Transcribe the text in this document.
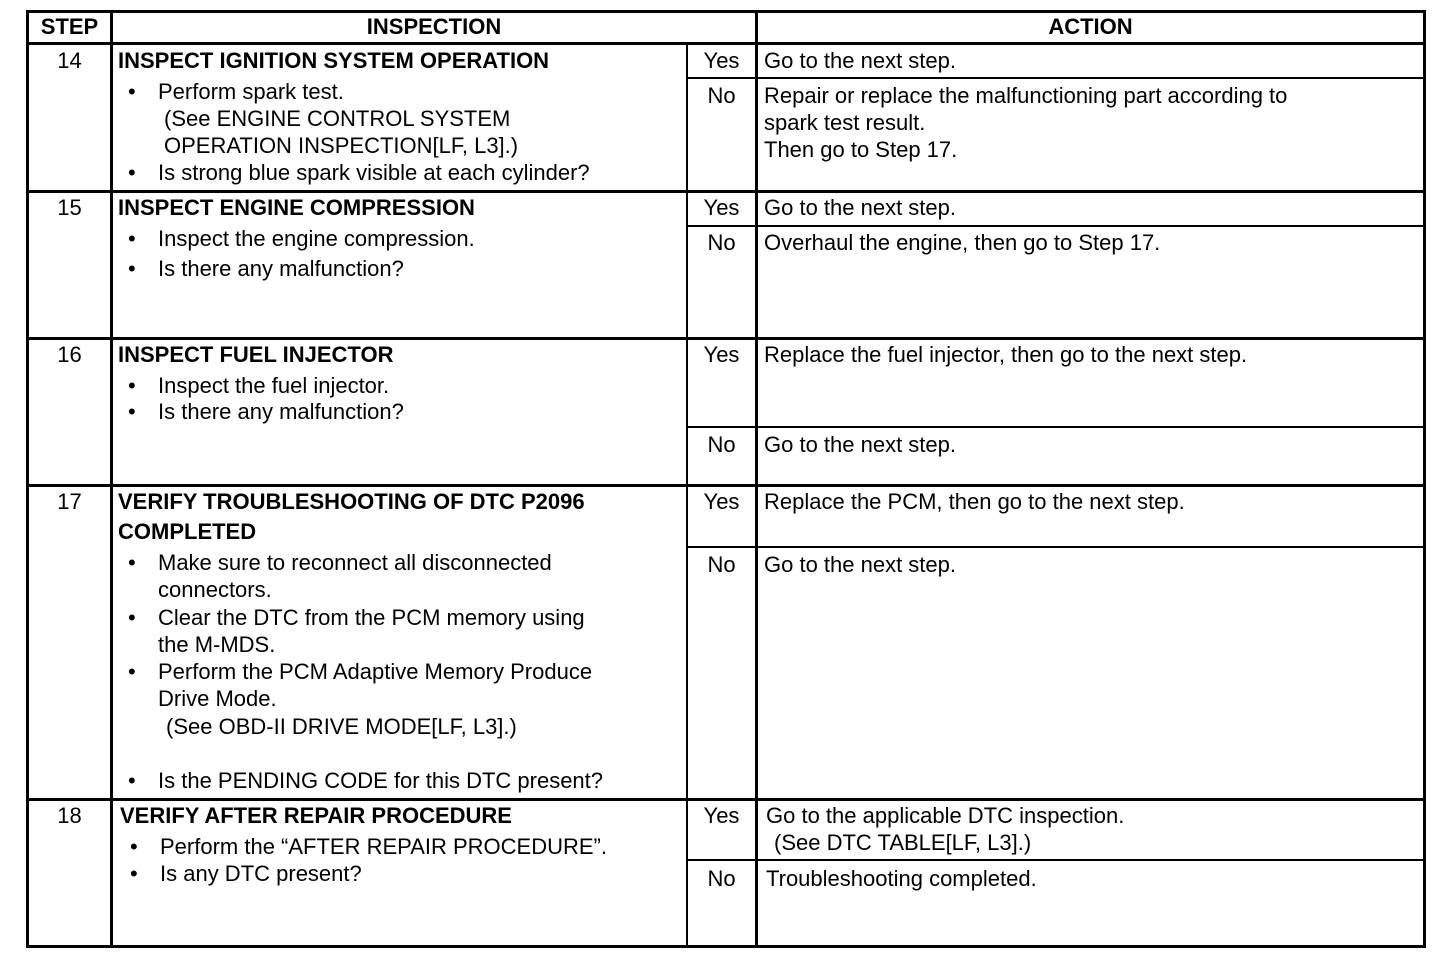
STEP	INSPECTION	ACTION
14	INSPECT IGNITION SYSTEM OPERATION
• Perform spark test.
(See ENGINE CONTROL SYSTEM
OPERATION INSPECTION[LF, L3].)
• Is strong blue spark visible at each cylinder?
Yes	Go to the next step.
No	Repair or replace the malfunctioning part according to
spark test result.
Then go to Step 17.
15	INSPECT ENGINE COMPRESSION
• Inspect the engine compression.
• Is there any malfunction?
Yes	Go to the next step.
No	Overhaul the engine, then go to Step 17.
16	INSPECT FUEL INJECTOR
• Inspect the fuel injector.
• Is there any malfunction?
Yes	Replace the fuel injector, then go to the next step.
No	Go to the next step.
17	VERIFY TROUBLESHOOTING OF DTC P2096
COMPLETED
• Make sure to reconnect all disconnected
connectors.
• Clear the DTC from the PCM memory using
the M-MDS.
• Perform the PCM Adaptive Memory Produce
Drive Mode.
(See OBD-II DRIVE MODE[LF, L3].)
• Is the PENDING CODE for this DTC present?
Yes	Replace the PCM, then go to the next step.
No	Go to the next step.
18	VERIFY AFTER REPAIR PROCEDURE
• Perform the “AFTER REPAIR PROCEDURE”.
• Is any DTC present?
Yes	Go to the applicable DTC inspection.
(See DTC TABLE[LF, L3].)
No	Troubleshooting completed.
